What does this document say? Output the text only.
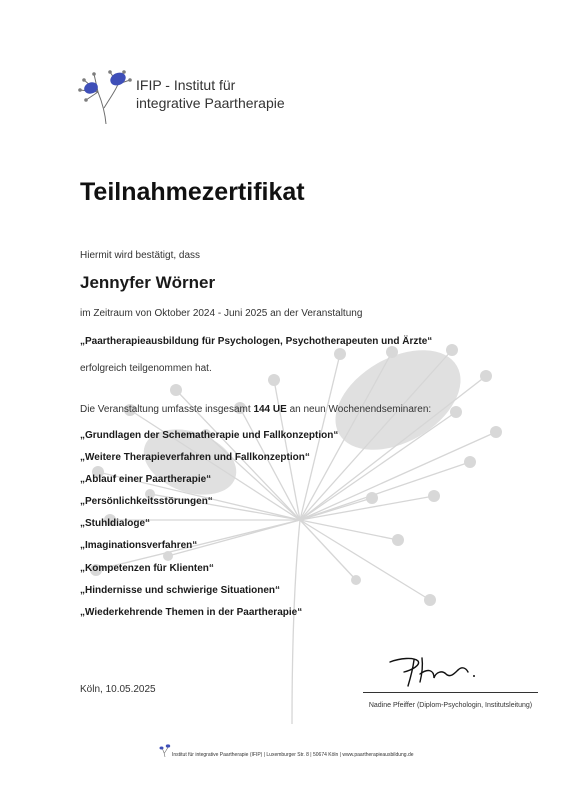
IFIP - Institut für
integrative Paartherapie
Teilnahmezertifikat
Hiermit wird bestätigt, dass
Jennyfer Wörner
im Zeitraum von Oktober 2024 - Juni 2025 an der Veranstaltung
„Paartherapieausbildung für Psychologen, Psychotherapeuten und Ärzte“
erfolgreich teilgenommen hat.
Die Veranstaltung umfasste insgesamt 144 UE an neun Wochenendseminaren:
„Grundlagen der Schematherapie und Fallkonzeption“
„Weitere Therapieverfahren und Fallkonzeption“
„Ablauf einer Paartherapie“
„Persönlichkeitsstörungen“
„Stuhldialoge“
„Imaginationsverfahren“
„Kompetenzen für Klienten“
„Hindernisse und schwierige Situationen“
„Wiederkehrende Themen in der Paartherapie“
Köln, 10.05.2025
Nadine Pfeiffer (Diplom-Psychologin, Institutsleitung)
Institut für integrative Paartherapie (IFIP) | Luxemburger Str. 8 | 50674 Köln | www.paartherapieausbildung.de
